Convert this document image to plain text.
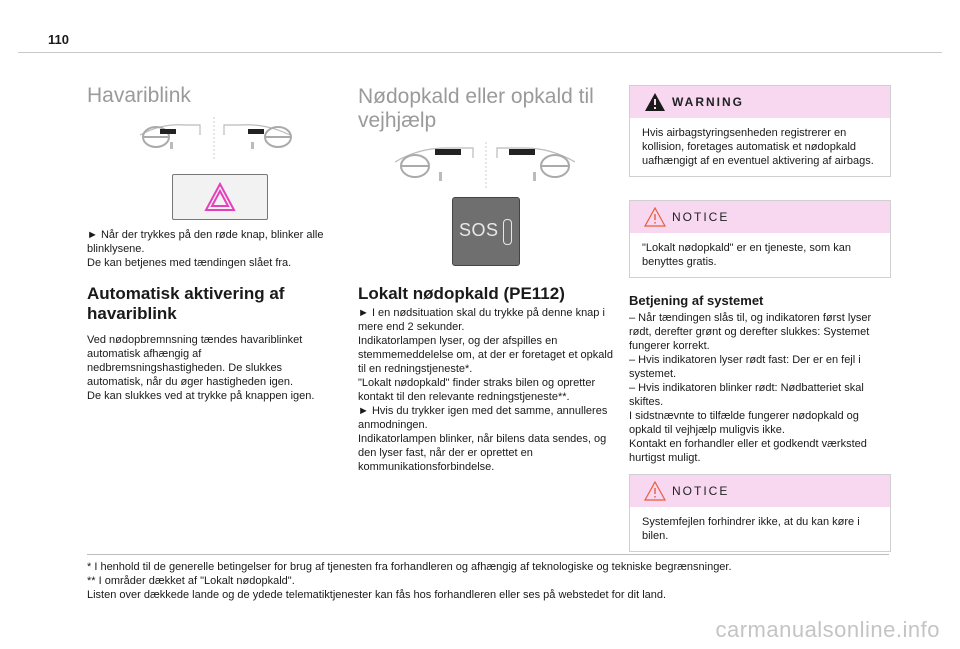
110
Havariblink

► Når der trykkes på den røde knap, blinker alle blinklysene.

De kan betjenes med tændingen slået fra.

Automatisk aktivering af havariblink

Ved nødopbremnsning tændes havariblinket automatisk afhængig af nedbremsningshastigheden. De slukkes automatisk, når du øger hastigheden igen.

De kan slukkes ved at trykke på knappen igen.

Nødopkald eller opkald til vejhjælp
SOS
Lokalt nødopkald (PE112)

► I en nødsituation skal du trykke på denne knap i mere end 2 sekunder.

Indikatorlampen lyser, og der afspilles en stemmemeddelelse om, at der er foretaget et opkald til en redningstjeneste*.

"Lokalt nødopkald" finder straks bilen og opretter kontakt til den relevante redningstjeneste**.

► Hvis du trykker igen med det samme, annulleres anmodningen.

Indikatorlampen blinker, når bilens data sendes, og den lyser fast, når der er oprettet en kommunikationsforbindelse.

WARNING
Hvis airbagstyringsenheden registrerer en kollision, foretages automatisk et nødopkald uafhængigt af en eventuel aktivering af airbags.
NOTICE
"Lokalt nødopkald" er en tjeneste, som kan benyttes gratis.
Betjening af systemet

– Når tændingen slås til, og indikatoren først lyser rødt, derefter grønt og derefter slukkes: Systemet fungerer korrekt.

– Hvis indikatoren lyser rødt fast: Der er en fejl i systemet.

– Hvis indikatoren blinker rødt: Nødbatteriet skal skiftes.

I sidstnævnte to tilfælde fungerer nødopkald og opkald til vejhjælp muligvis ikke.

Kontakt en forhandler eller et godkendt værksted hurtigst muligt.

NOTICE
Systemfejlen forhindrer ikke, at du kan køre i bilen.

* I henhold til de generelle betingelser for brug af tjenesten fra forhandleren og afhængig af teknologiske og tekniske begrænsninger.

** I områder dækket af "Lokalt nødopkald".

Listen over dækkede lande og de ydede telematiktjenester kan fås hos forhandleren eller ses på webstedet for dit land.

carmanualsonline.info
